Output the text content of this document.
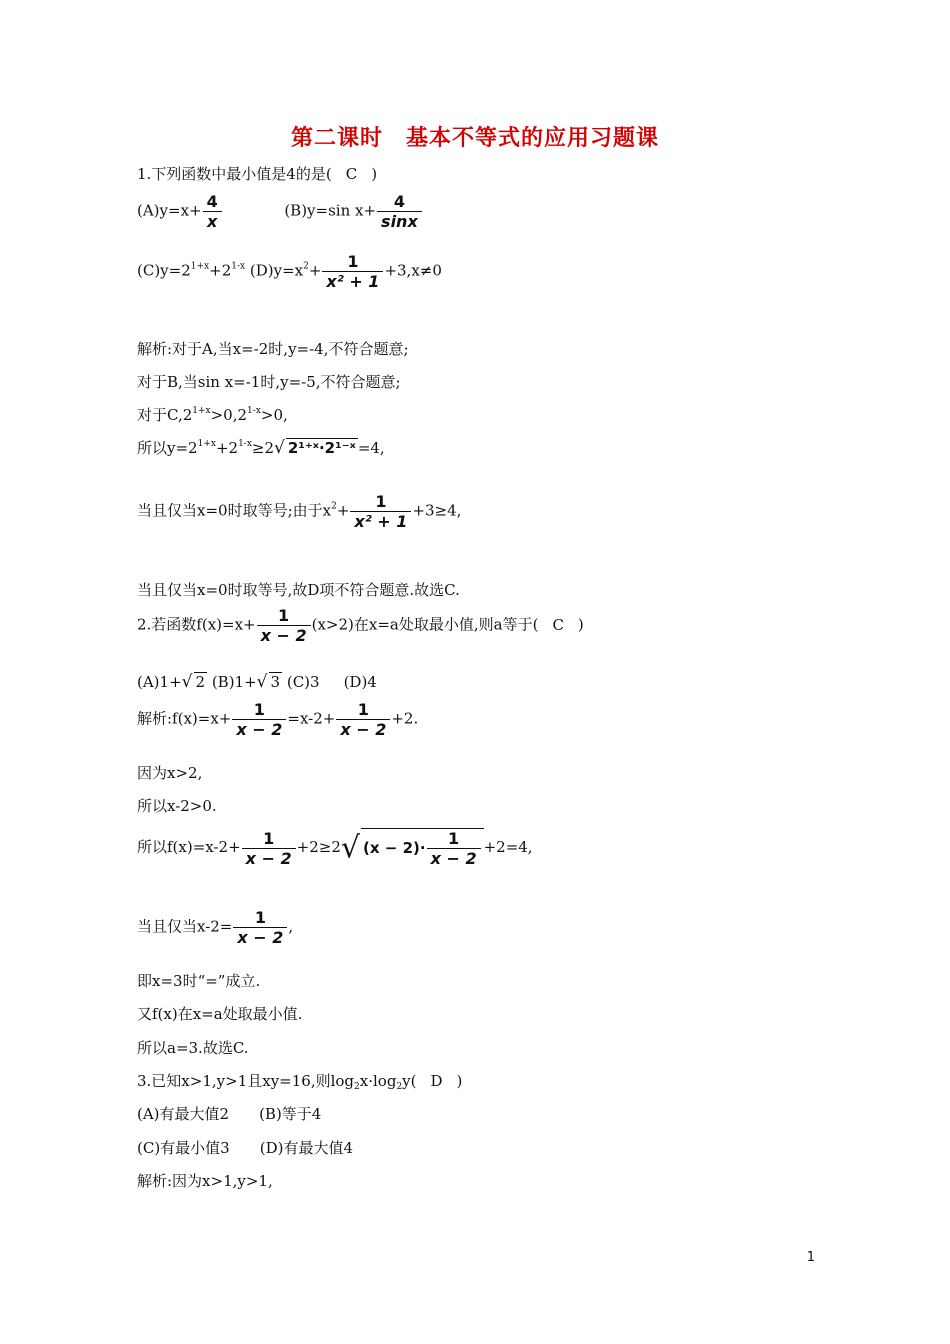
第二课时　基本不等式的应用习题课
1.下列函数中最小值是4的是( C )
$(A)y=x+ \frac{4}{x}$	(B)y=sin $x+ \frac{4}{\sin x}$
$(C)y=2^{1+x}+2^{1-x}$ $(D)y=x^2+ \frac{1}{\text{x² + 1}} +3,x\ne 0$
解析:对于A,当x=-2时,y=-4,不符合题意;
对于B,当sin x=-1时,y=-5,不符合题意;
对于$C,2^{1+x}>0,2^{1-x}>0$,
所以$y=2^{1+x}+2^{1-x}\ge 2√$ 2¹⁺ˣ·2¹⁻ˣ =4,
当且仅当x=0时取等号;由于$x^2+ \frac{1}{\text{x² + 1}} +3\ge 4$,
当且仅当x=0时取等号,故D项不符合题意.故选C.
2.若函数$f(x)=x+ \frac{1}{x - 2} (x>2)$在x=a处取最小值,则a等于( C )
(A)1+√ 2 (B)1+√ 3 (C)3 (D)4
解析:f(x)=x+ $\frac{1}{x - 2} =x-2+ \frac{1}{x - 2} +2$.
因为x>2,
所以x-2>0.
所以$f(x)=x-2+ \frac{1}{x - 2} +2\ge 2√$ $(x - 2)\cdot \frac{1}{x - 2} +2=4$,
当且仅当$x-2= \frac{1}{x - 2}$ ,
即x=3时“=”成立.
又f(x)在x=a处取最小值.
所以a=3.故选C.
3.已知x>1,y>1且xy=16,则$\log_2x\cdot\log_2y$( D )
(A)有最大值2　　(B)等于4
(C)有最小值3　　(D)有最大值4
解析:因为x>1,y>1,
1
